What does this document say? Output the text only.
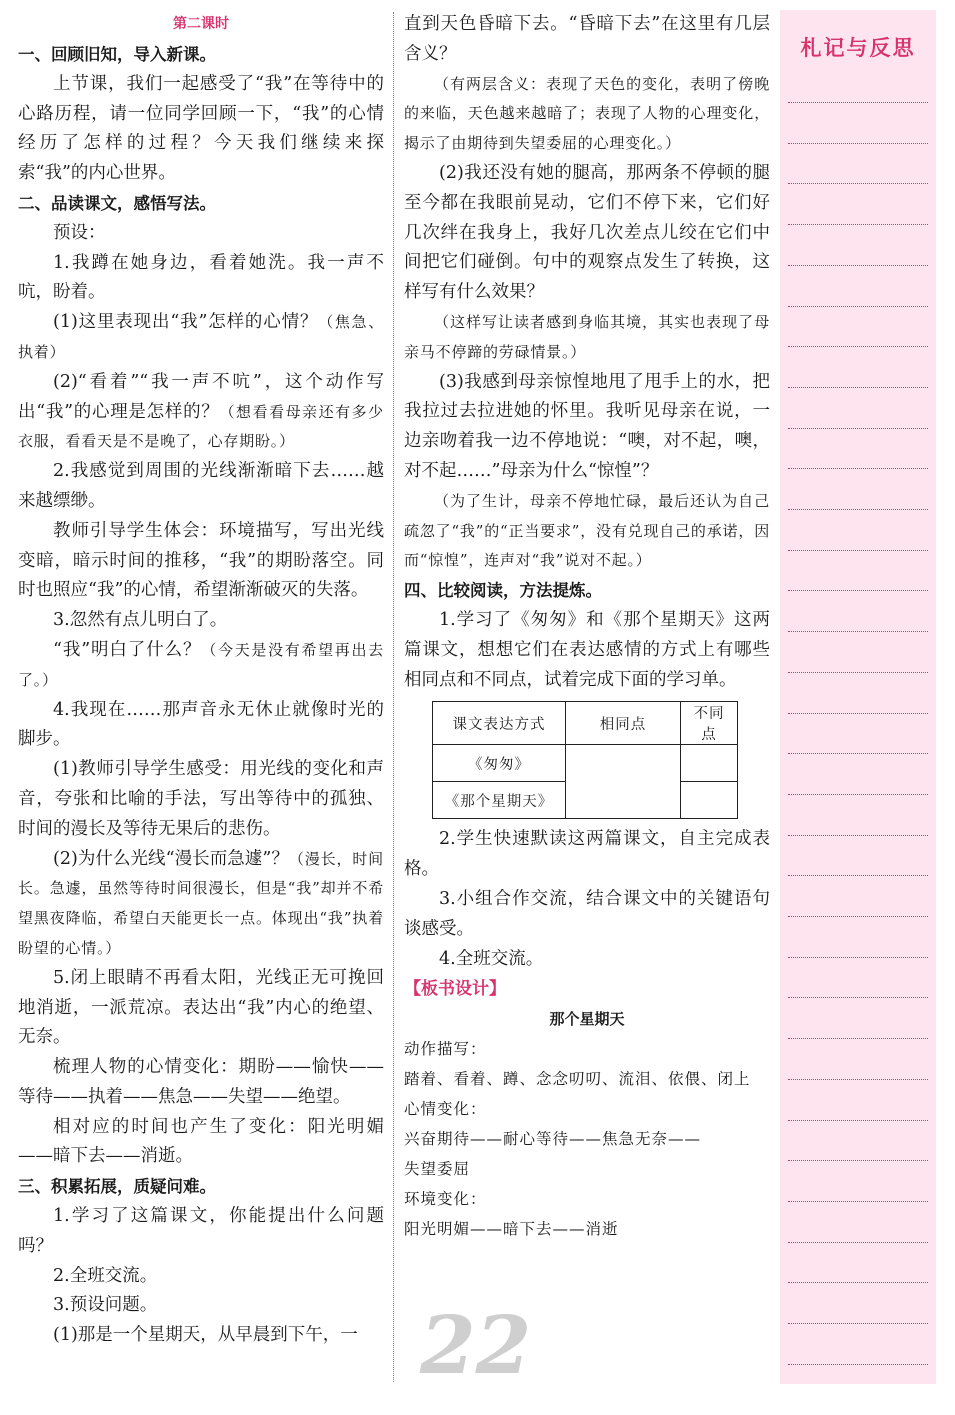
第二课时

一、回顾旧知，导入新课。

上节课，我们一起感受了“我”在等待中的心路历程，请一位同学回顾一下，“我”的心情经历了怎样的过程？今天我们继续来探索“我”的内心世界。

二、品读课文，感悟写法。

预设：

1.我蹲在她身边，看着她洗。我一声不吭，盼着。

(1)这里表现出“我”怎样的心情？（焦急、执着）

(2)“看着”“我一声不吭”，这个动作写出“我”的心理是怎样的？（想看看母亲还有多少衣服，看看天是不是晚了，心存期盼。）

2.我感觉到周围的光线渐渐暗下去……越来越缥缈。

教师引导学生体会：环境描写，写出光线变暗，暗示时间的推移，“我”的期盼落空。同时也照应“我”的心情，希望渐渐破灭的失落。

3.忽然有点儿明白了。

“我”明白了什么？（今天是没有希望再出去了。）

4.我现在……那声音永无休止就像时光的脚步。

(1)教师引导学生感受：用光线的变化和声音，夸张和比喻的手法，写出等待中的孤独、时间的漫长及等待无果后的悲伤。

(2)为什么光线“漫长而急遽”？（漫长，时间长。急遽，虽然等待时间很漫长，但是“我”却并不希望黑夜降临，希望白天能更长一点。体现出“我”执着盼望的心情。）

5.闭上眼睛不再看太阳，光线正无可挽回地消逝，一派荒凉。表达出“我”内心的绝望、无奈。

梳理人物的心情变化：期盼——愉快——等待——执着——焦急——失望——绝望。

相对应的时间也产生了变化：阳光明媚——暗下去——消逝。

三、积累拓展，质疑问难。

1.学习了这篇课文，你能提出什么问题吗？

2.全班交流。

3.预设问题。

(1)那是一个星期天，从早晨到下午，一

直到天色昏暗下去。“昏暗下去”在这里有几层含义？

（有两层含义：表现了天色的变化，表明了傍晚的来临，天色越来越暗了；表现了人物的心理变化，揭示了由期待到失望委屈的心理变化。）

(2)我还没有她的腿高，那两条不停顿的腿至今都在我眼前晃动，它们不停下来，它们好几次绊在我身上，我好几次差点儿绞在它们中间把它们碰倒。句中的观察点发生了转换，这样写有什么效果？

（这样写让读者感到身临其境，其实也表现了母亲马不停蹄的劳碌情景。）

(3)我感到母亲惊惶地甩了甩手上的水，把我拉过去拉进她的怀里。我听见母亲在说，一边亲吻着我一边不停地说：“噢，对不起，噢，对不起……”母亲为什么“惊惶”？

（为了生计，母亲不停地忙碌，最后还认为自己疏忽了“我”的“正当要求”，没有兑现自己的承诺，因而“惊惶”，连声对“我”说对不起。）

四、比较阅读，方法提炼。

1.学习了《匆匆》和《那个星期天》这两篇课文，想想它们在表达感情的方式上有哪些相同点和不同点，试着完成下面的学习单。

课文表达方式	相同点	不同点
《匆匆》		
《那个星期天》		

2.学生快速默读这两篇课文，自主完成表格。

3.小组合作交流，结合课文中的关键语句谈感受。

4.全班交流。

【板书设计】

那个星期天

动作描写：

踏着、看着、蹲、念念叨叨、流泪、依偎、闭上

心情变化：

兴奋期待——耐心等待——焦急无奈——

失望委屈

环境变化：

阳光明媚——暗下去——消逝

22
札记与反思
